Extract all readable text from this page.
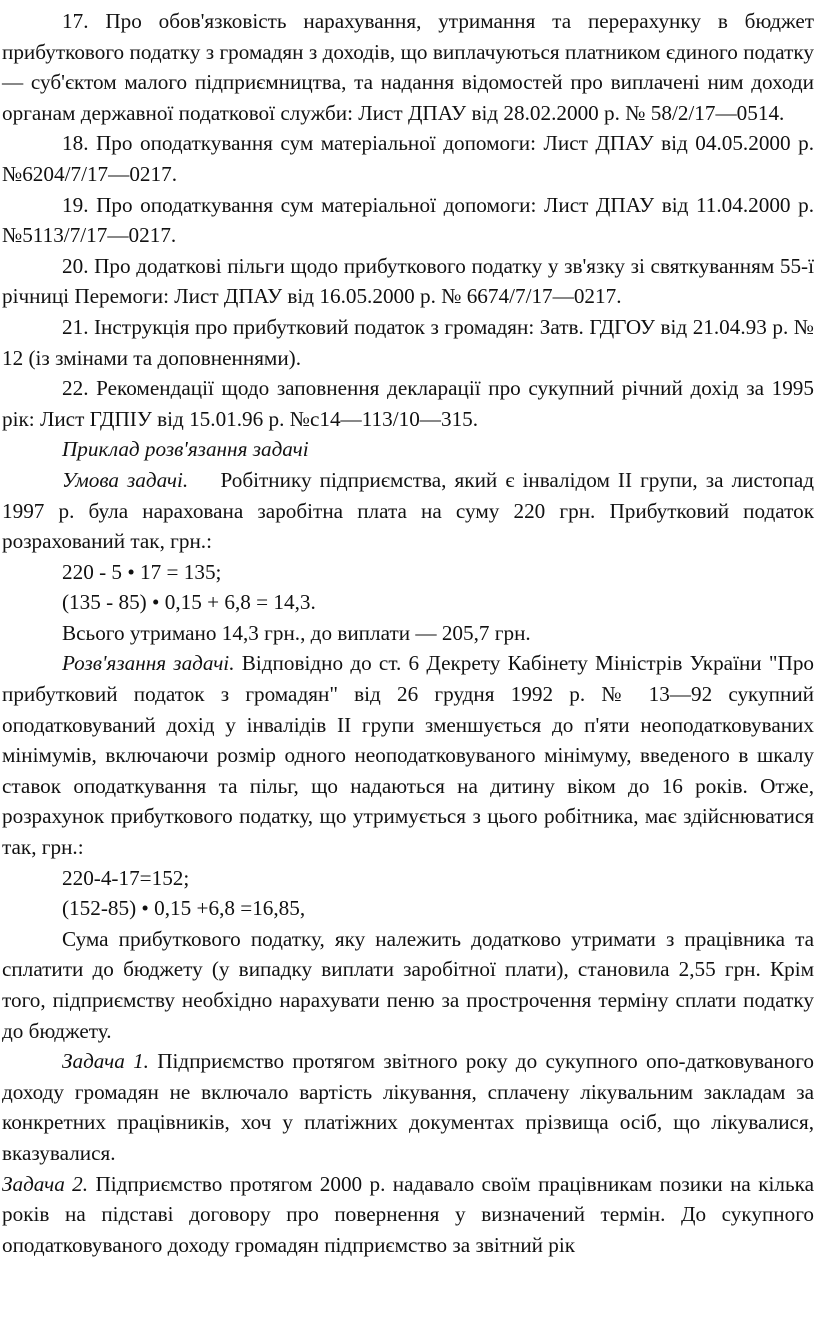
17. Про обов'язковість нарахування, утримання та перерахунку в бюджет прибуткового податку з громадян з доходів, що виплачуються платником єдиного податку — суб'єктом малого підприємництва, та надання відомостей про виплачені ним доходи органам державної податкової служби: Лист ДПАУ від 28.02.2000 р. № 58/2/17—0514.

18. Про оподаткування сум матеріальної допомоги: Лист ДПАУ від 04.05.2000 р. №6204/7/17—0217.

19. Про оподаткування сум матеріальної допомоги: Лист ДПАУ від 11.04.2000 р. №5113/7/17—0217.

20. Про додаткові пільги щодо прибуткового податку у зв'язку зі святкуванням 55-ї річниці Перемоги: Лист ДПАУ від 16.05.2000 р. № 6674/7/17—0217.

21. Інструкція про прибутковий податок з громадян: Затв. ГДГОУ від 21.04.93 р. № 12 (із змінами та доповненнями).

22. Рекомендації щодо заповнення декларації про сукупний річний дохід за 1995 рік: Лист ГДПІУ від 15.01.96 р. №с14—113/10—315.

Приклад розв'язання задачі

Умова задачі. Робітнику підприємства, який є інвалідом II групи, за листопад 1997 р. була нарахована заробітна плата на суму 220 грн. Прибутковий податок розрахований так, грн.:

220 - 5 • 17 = 135;

(135 - 85) • 0,15 + 6,8 = 14,3.

Всього утримано 14,3 грн., до виплати — 205,7 грн.

Розв'язання задачі. Відповідно до ст. 6 Декрету Кабінету Міністрів України "Про прибутковий податок з громадян" від 26 грудня 1992 р. № 13—92 сукупний оподатковуваний дохід у інвалідів II групи зменшується до п'яти неоподатковуваних мінімумів, включаючи розмір одного неоподатковуваного мінімуму, введеного в шкалу ставок оподаткування та пільг, що надаються на дитину віком до 16 років. Отже, розрахунок прибуткового податку, що утримується з цього робітника, має здійснюватися так, грн.:

220-4-17=152;

(152-85) • 0,15 +6,8 =16,85,

Сума прибуткового податку, яку належить додатково утримати з працівника та сплатити до бюджету (у випадку виплати заробітної плати), становила 2,55 грн. Крім того, підприємству необхідно нарахувати пеню за прострочення терміну сплати податку до бюджету.

Задача 1. Підприємство протягом звітного року до сукупного опо-датковуваного доходу громадян не включало вартість лікування, сплачену лікувальним закладам за конкретних працівників, хоч у платіжних документах прізвища осіб, що лікувалися, вказувалися.

Задача 2. Підприємство протягом 2000 р. надавало своїм працівникам позики на кілька років на підставі договору про повернення у визначений термін. До сукупного оподатковуваного доходу громадян підприємство за звітний рік
